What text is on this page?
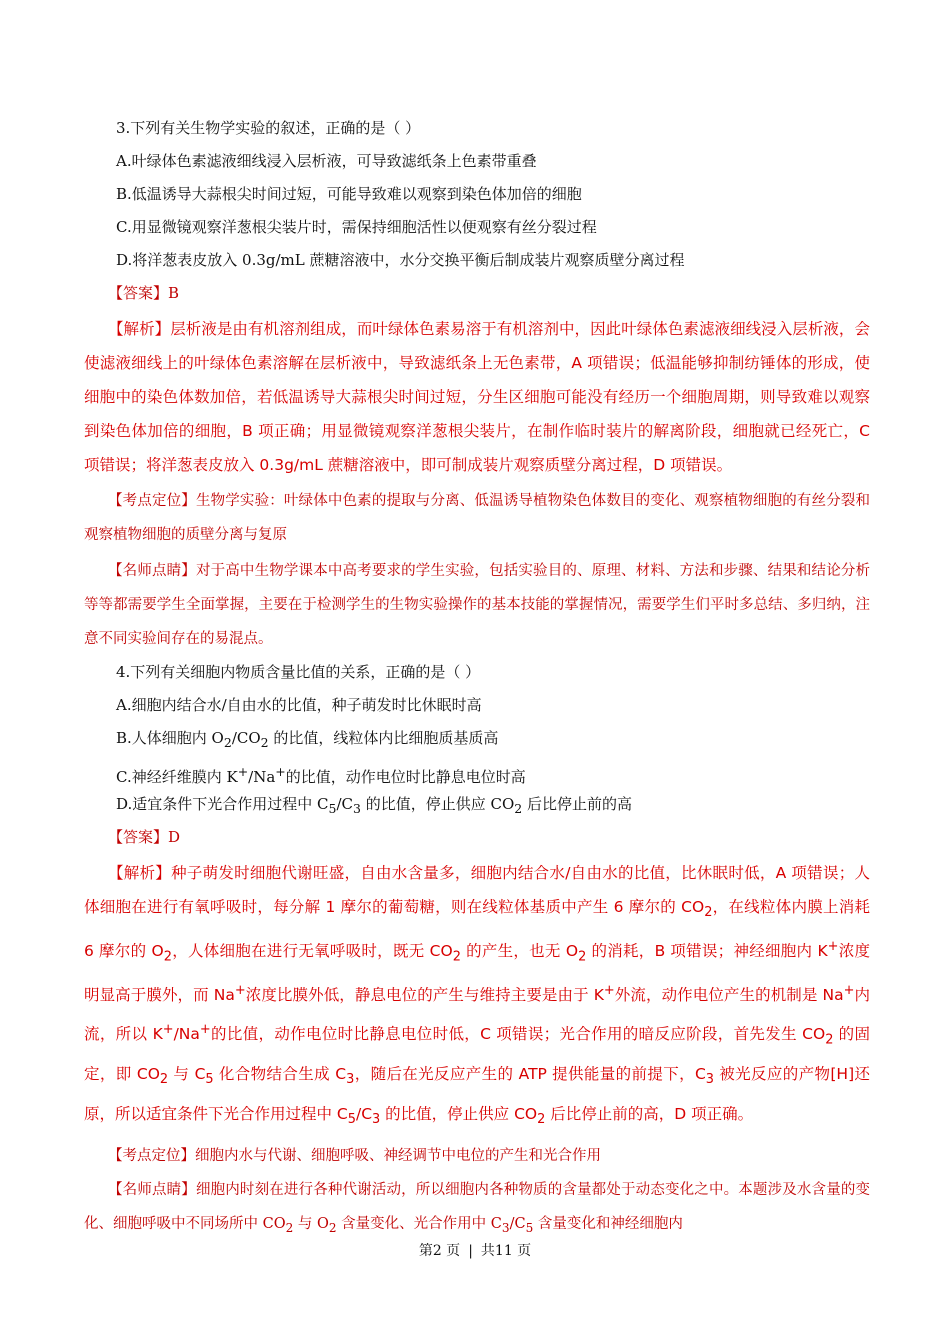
3.下列有关生物学实验的叙述，正确的是（ ）
A.叶绿体色素滤液细线浸入层析液，可导致滤纸条上色素带重叠
B.低温诱导大蒜根尖时间过短，可能导致难以观察到染色体加倍的细胞
C.用显微镜观察洋葱根尖装片时，需保持细胞活性以便观察有丝分裂过程
D.将洋葱表皮放入 0.3g/mL 蔗糖溶液中，水分交换平衡后制成装片观察质壁分离过程
【答案】B

【解析】层析液是由有机溶剂组成，而叶绿体色素易溶于有机溶剂中，因此叶绿体色素滤液细线浸入层析液，会使滤液细线上的叶绿体色素溶解在层析液中，导致滤纸条上无色素带，A 项错误；低温能够抑制纺锤体的形成，使细胞中的染色体数加倍，若低温诱导大蒜根尖时间过短，分生区细胞可能没有经历一个细胞周期，则导致难以观察到染色体加倍的细胞，B 项正确；用显微镜观察洋葱根尖装片，在制作临时装片的解离阶段，细胞就已经死亡，C 项错误；将洋葱表皮放入 0.3g/mL 蔗糖溶液中，即可制成装片观察质壁分离过程，D 项错误。

【考点定位】生物学实验：叶绿体中色素的提取与分离、低温诱导植物染色体数目的变化、观察植物细胞的有丝分裂和观察植物细胞的质壁分离与复原

【名师点睛】对于高中生物学课本中高考要求的学生实验，包括实验目的、原理、材料、方法和步骤、结果和结论分析等等都需要学生全面掌握，主要在于检测学生的生物实验操作的基本技能的掌握情况，需要学生们平时多总结、多归纳，注意不同实验间存在的易混点。

4.下列有关细胞内物质含量比值的关系，正确的是（ ）
A.细胞内结合水/自由水的比值，种子萌发时比休眠时高
B.人体细胞内 $O_2/CO_2$ 的比值，线粒体内比细胞质基质高
C.神经纤维膜内 K+/Na+的比值，动作电位时比静息电位时高
D.适宜条件下光合作用过程中 $C_5/C_3$ 的比值，停止供应 $CO_2$ 后比停止前的高
【答案】D

【解析】种子萌发时细胞代谢旺盛，自由水含量多，细胞内结合水/自由水的比值，比休眠时低，A 项错误；人体细胞在进行有氧呼吸时，每分解 1 摩尔的葡萄糖，则在线粒体基质中产生 6 摩尔的 $CO_2$，在线粒体内膜上消耗 6 摩尔的 $O_2$，人体细胞在进行无氧呼吸时，既无 $CO_2$ 的产生，也无 $O_2$ 的消耗，B 项错误；神经细胞内 K+浓度明显高于膜外，而 Na+浓度比膜外低，静息电位的产生与维持主要是由于 K+外流，动作电位产生的机制是 Na+内流，所以 K+/Na+的比值，动作电位时比静息电位时低，C 项错误；光合作用的暗反应阶段，首先发生 $CO_2$ 的固定，即 $CO_2$ 与 $C_5$ 化合物结合生成 $C_3$，随后在光反应产生的 ATP 提供能量的前提下，$C_3$ 被光反应的产物[H]还原，所以适宜条件下光合作用过程中 $C_5/C_3$ 的比值，停止供应 $CO_2$ 后比停止前的高，D 项正确。

【考点定位】细胞内水与代谢、细胞呼吸、神经调节中电位的产生和光合作用

【名师点睛】细胞内时刻在进行各种代谢活动，所以细胞内各种物质的含量都处于动态变化之中。本题涉及水含量的变化、细胞呼吸中不同场所中 $CO_2$ 与 $O_2$ 含量变化、光合作用中 $C_3/C_5$ 含量变化和神经细胞内

第2 页 | 共11 页
